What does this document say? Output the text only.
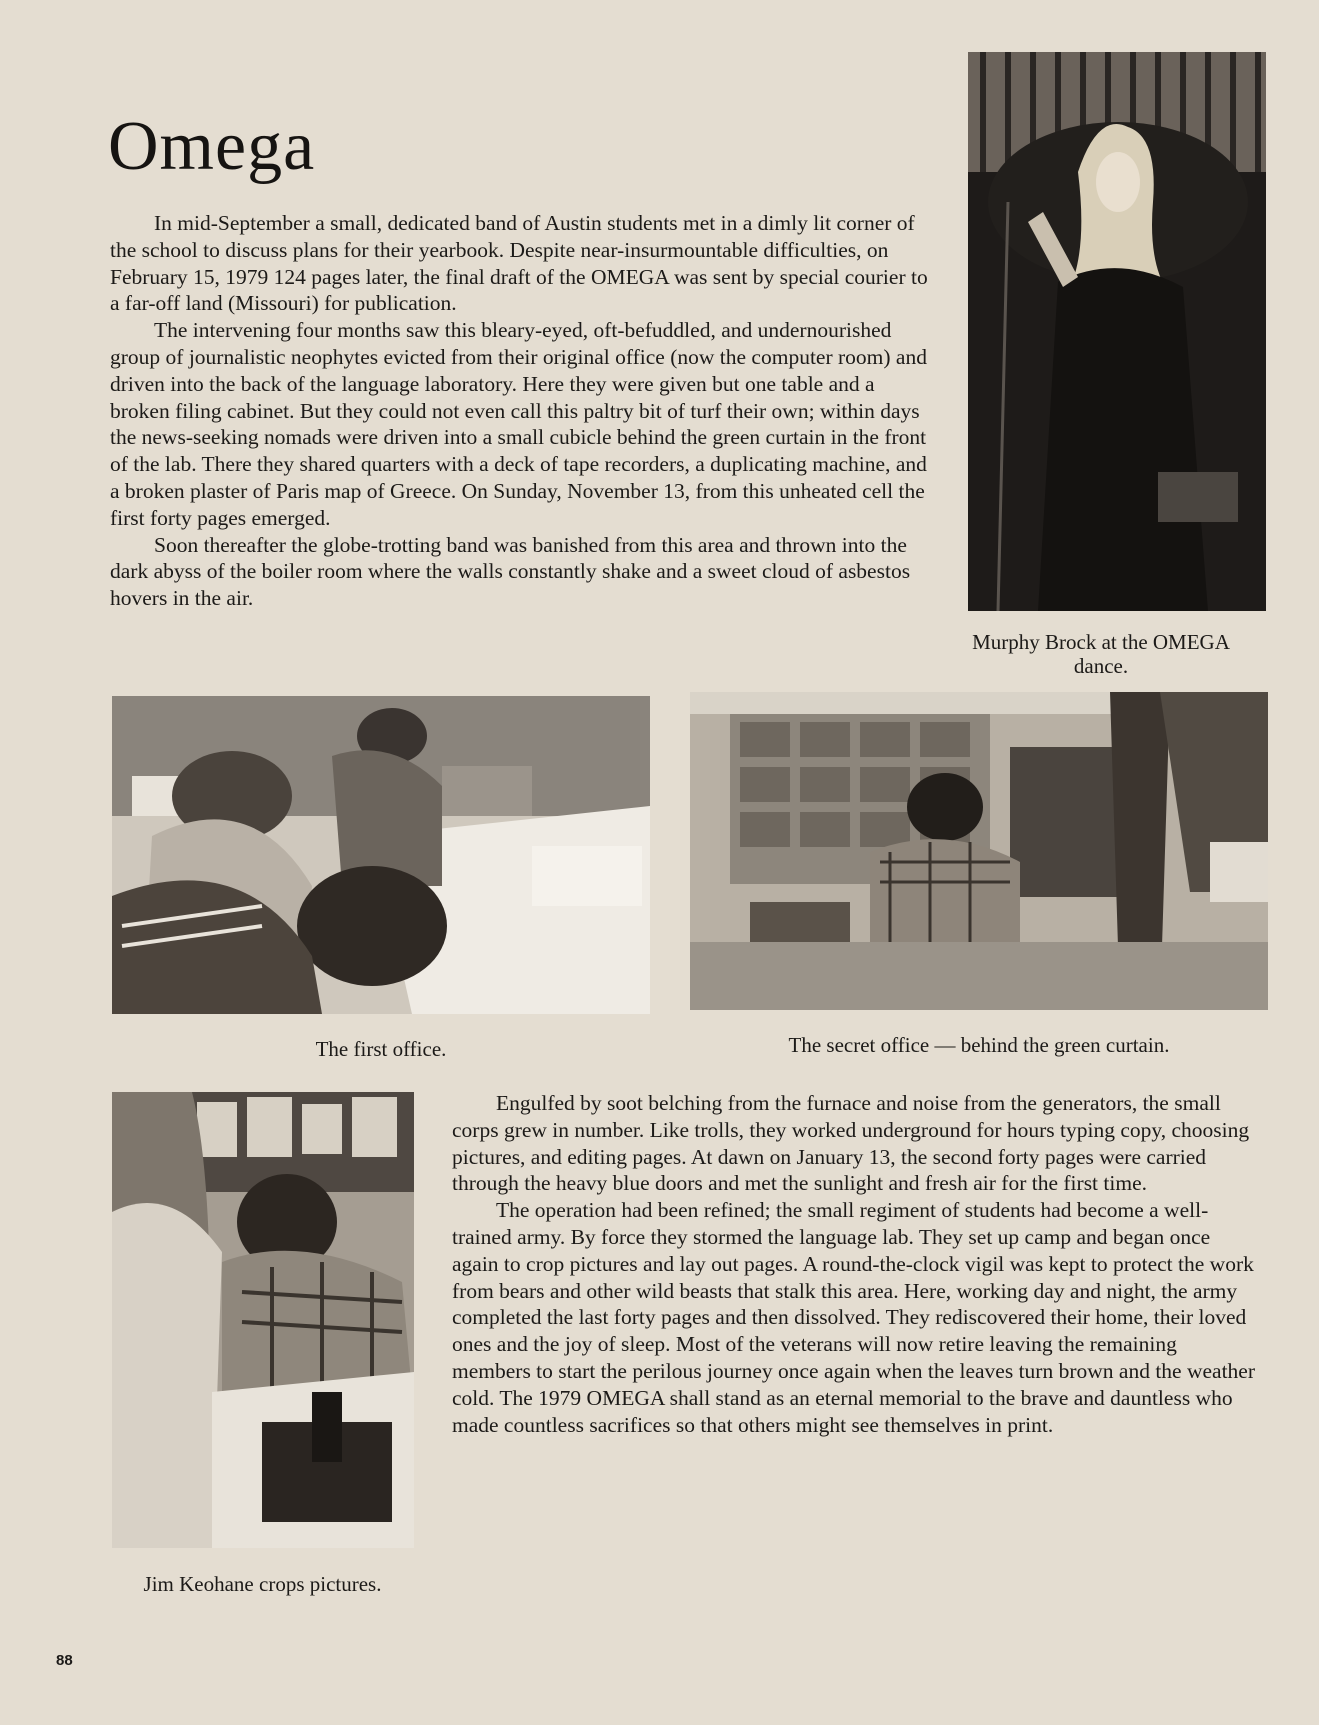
Omega

In mid-September a small, dedicated band of Austin students met in a dimly lit corner of the school to discuss plans for their yearbook. Despite near-insurmountable difficulties, on February 15, 1979 124 pages later, the final draft of the OMEGA was sent by special courier to a far-off land (Missouri) for publication.

The intervening four months saw this bleary-eyed, oft-befuddled, and undernourished group of journalistic neophytes evicted from their original office (now the computer room) and driven into the back of the language laboratory. Here they were given but one table and a broken filing cabinet. But they could not even call this paltry bit of turf their own; within days the news-seeking nomads were driven into a small cubicle behind the green curtain in the front of the lab. There they shared quarters with a deck of tape recorders, a duplicating machine, and a broken plaster of Paris map of Greece. On Sunday, November 13, from this unheated cell the first forty pages emerged.

Soon thereafter the globe-trotting band was banished from this area and thrown into the dark abyss of the boiler room where the walls constantly shake and a sweet cloud of asbestos hovers in the air.

Murphy Brock at the OMEGA dance.
The first office.	The secret office — behind the green curtain.
Jim Keohane crops pictures.

Engulfed by soot belching from the furnace and noise from the generators, the small corps grew in number. Like trolls, they worked underground for hours typing copy, choosing pictures, and editing pages. At dawn on January 13, the second forty pages were carried through the heavy blue doors and met the sunlight and fresh air for the first time.

The operation had been refined; the small regiment of students had become a well-trained army. By force they stormed the language lab. They set up camp and began once again to crop pictures and lay out pages. A round-the-clock vigil was kept to protect the work from bears and other wild beasts that stalk this area. Here, working day and night, the army completed the last forty pages and then dissolved. They rediscovered their home, their loved ones and the joy of sleep. Most of the veterans will now retire leaving the remaining members to start the perilous journey once again when the leaves turn brown and the weather cold. The 1979 OMEGA shall stand as an eternal memorial to the brave and dauntless who made countless sacrifices so that others might see themselves in print.

88
